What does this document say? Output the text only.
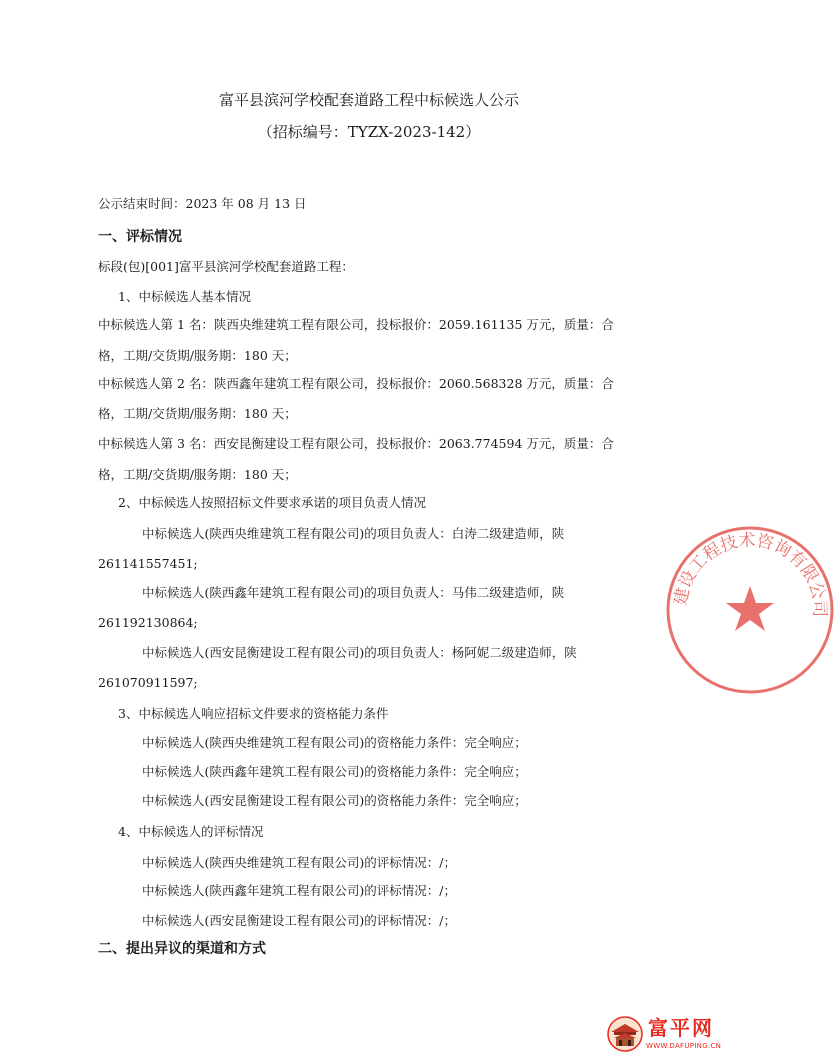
富平县滨河学校配套道路工程中标候选人公示
（招标编号：TYZX-2023-142）
公示结束时间：2023 年 08 月 13 日
一、评标情况
标段(包)[001]富平县滨河学校配套道路工程：
1、中标候选人基本情况
中标候选人第 1 名：陕西央维建筑工程有限公司，投标报价：2059.161135 万元，质量：合
格，工期/交货期/服务期：180 天；
中标候选人第 2 名：陕西鑫年建筑工程有限公司，投标报价：2060.568328 万元，质量：合
格，工期/交货期/服务期：180 天；
中标候选人第 3 名：西安昆衡建设工程有限公司，投标报价：2063.774594 万元，质量：合
格，工期/交货期/服务期：180 天；
2、中标候选人按照招标文件要求承诺的项目负责人情况
中标候选人(陕西央维建筑工程有限公司)的项目负责人：白涛二级建造师，陕
261141557451;
中标候选人(陕西鑫年建筑工程有限公司)的项目负责人：马伟二级建造师，陕
261192130864;
中标候选人(西安昆衡建设工程有限公司)的项目负责人：杨阿妮二级建造师，陕
261070911597;
3、中标候选人响应招标文件要求的资格能力条件
中标候选人(陕西央维建筑工程有限公司)的资格能力条件：完全响应；
中标候选人(陕西鑫年建筑工程有限公司)的资格能力条件：完全响应；
中标候选人(西安昆衡建设工程有限公司)的资格能力条件：完全响应；
4、中标候选人的评标情况
中标候选人(陕西央维建筑工程有限公司)的评标情况：/；
中标候选人(陕西鑫年建筑工程有限公司)的评标情况：/；
中标候选人(西安昆衡建设工程有限公司)的评标情况：/；
二、提出异议的渠道和方式
建设工程技术咨询有限公司
富平网
WWW.DAFUPING.CN
